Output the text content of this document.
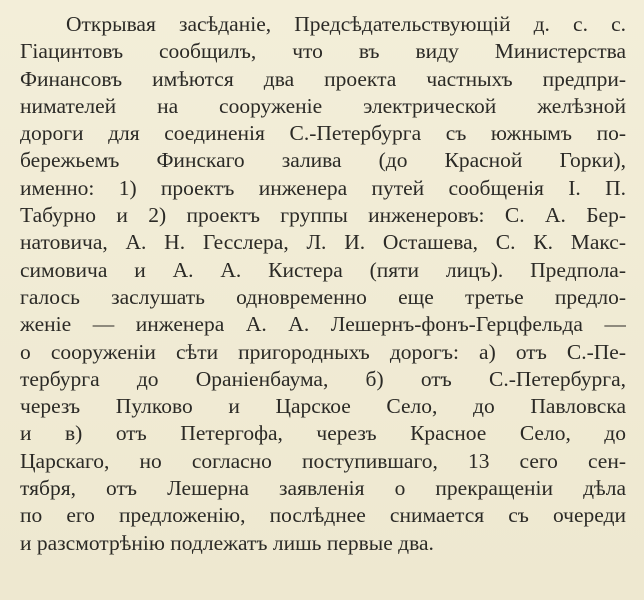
Открывая засѣданіе, Предсѣдательствующій д. с. с.
Гіацинтовъ сообщилъ, что въ виду Министерства
Финансовъ имѣются два проекта частныхъ предпри-
нимателей на сооруженіе электрической желѣзной
дороги для соединенія С.-Петербурга съ южнымъ по-
бережьемъ Финскаго залива (до Красной Горки),
именно: 1) проектъ инженера путей сообщенія І. П.
Табурно и 2) проектъ группы инженеровъ: С. А. Бер-
натовича, А. Н. Гесслера, Л. И. Осташева, С. К. Макс-
симовича и А. А. Кистера (пяти лицъ). Предпола-
галось заслушать одновременно еще третье предло-
женіе — инженера А. А. Лешернъ-фонъ-Герцфельда —
о сооруженіи сѣти пригородныхъ дорогъ: а) отъ С.-Пе-
тербурга до Ораніенбаума, б) отъ С.-Петербурга,
черезъ Пулково и Царское Село, до Павловска
и в) отъ Петергофа, черезъ Красное Село, до
Царскаго, но согласно поступившаго, 13 сего сен-
тября, отъ Лешерна заявленія о прекращеніи дѣла
по его предложенію, послѣднее снимается съ очереди
и разсмотрѣнію подлежатъ лишь первые два.
